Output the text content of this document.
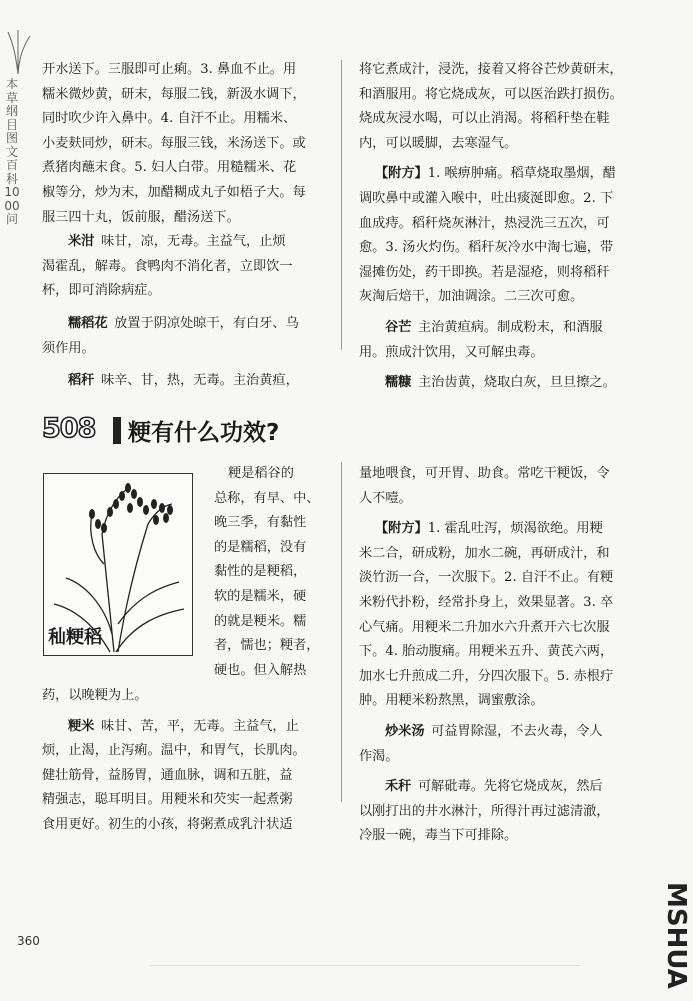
本草纲目图文百科1000问
开水送下。三服即可止痢。3. 鼻血不止。用
糯米微炒黄，研末，每服二钱，新汲水调下，
同时吹少许入鼻中。4. 自汗不止。用糯米、
小麦麸同炒，研末。每服三钱，米汤送下。或
煮猪肉蘸末食。5. 妇人白带。用糙糯米、花
椒等分，炒为末，加醋糊成丸子如梧子大。每
服三四十丸，饭前服，醋汤送下。
米泔  味甘，凉，无毒。主益气，止烦
渴霍乱，解毒。食鸭肉不消化者，立即饮一
杯，即可消除病症。
糯稻花  放置于阴凉处晾干，有白牙、乌
须作用。
稻秆  味辛、甘，热，无毒。主治黄疸，
将它煮成汁，浸洗，接着又将谷芒炒黄研末，
和酒服用。将它烧成灰，可以医治跌打损伤。
烧成灰浸水喝，可以止消渴。将稻秆垫在鞋
内，可以暖脚，去寒湿气。
【附方】1. 喉痹肿痛。稻草烧取墨烟，醋
调吹鼻中或灌入喉中，吐出痰涎即愈。2. 下
血成痔。稻秆烧灰淋汁，热浸洗三五次，可
愈。3. 汤火灼伤。稻秆灰冷水中淘七遍，带
湿摊伤处，药干即换。若是湿疮，则将稻秆
灰淘后焙干，加油调涂。二三次可愈。
谷芒  主治黄疸病。制成粉末，和酒服
用。煎成汁饮用，又可解虫毒。
糯糠  主治齿黄，烧取白灰，旦旦擦之。
508 粳有什么功效?
秈粳稻
粳是稻谷的
总称，有早、中、
晚三季，有黏性
的是糯稻，没有
黏性的是粳稻，
软的是糯米，硬
的就是粳米。糯
者，懦也；粳者，
硬也。但入解热
药，以晚粳为上。
粳米  味甘、苦，平，无毒。主益气，止
烦，止渴，止泻痢。温中，和胃气，长肌肉。
健壮筋骨，益肠胃，通血脉，调和五脏，益
精强志，聪耳明目。用粳米和芡实一起煮粥
食用更好。初生的小孩，将粥煮成乳汁状适
量地喂食，可开胃、助食。常吃干粳饭，令
人不噎。
【附方】1. 霍乱吐泻，烦渴欲绝。用粳
米二合，研成粉，加水二碗，再研成汁，和
淡竹沥一合，一次服下。2. 自汗不止。有粳
米粉代扑粉，经常扑身上，效果显著。3. 卒
心气痛。用粳米二升加水六升煮开六七次服
下。4. 胎动腹痛。用粳米五升、黄芪六两，
加水七升煎成二升，分四次服下。5. 赤根疔
肿。用粳米粉熬黑，调蜜敷涂。
炒米汤  可益胃除湿，不去火毒，令人
作渴。
禾秆  可解砒毒。先将它烧成灰，然后
以刚打出的井水淋汁，所得汁再过滤清澈，
冷服一碗，毒当下可排除。
360	MSHUA
